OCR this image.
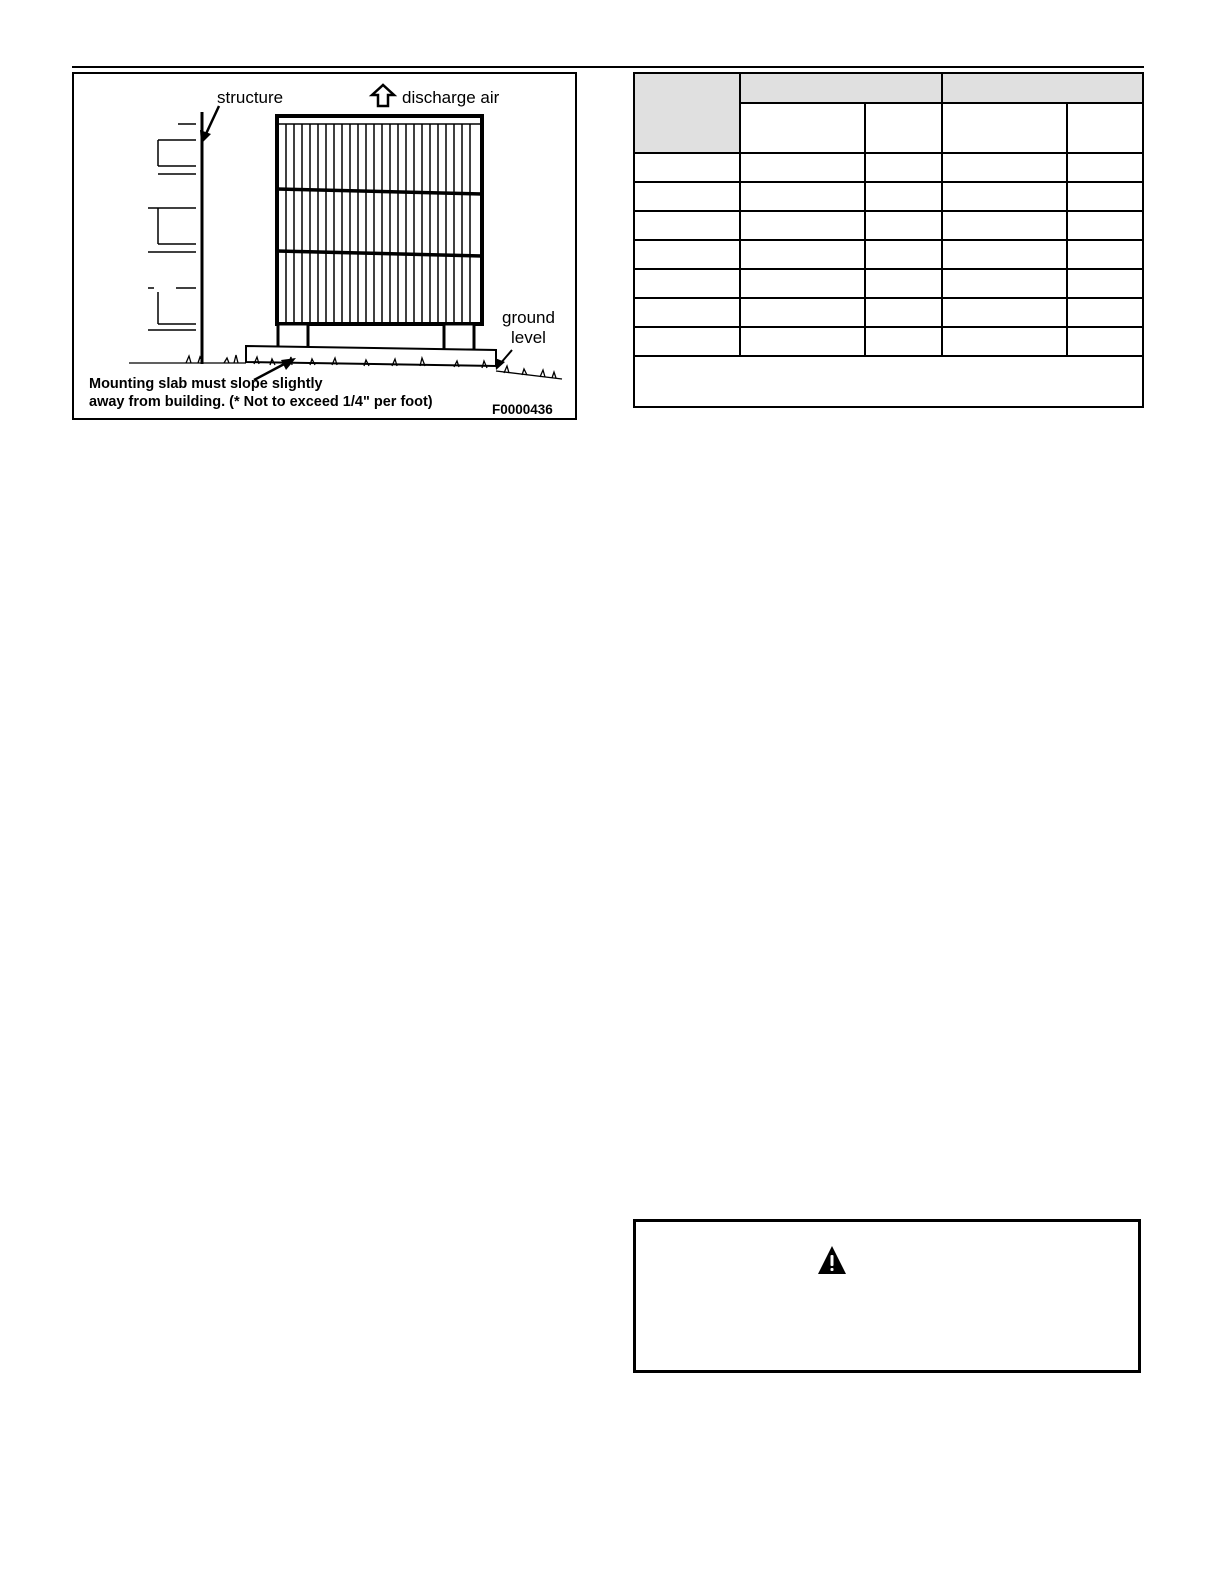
structure	discharge air
ground
level
Mounting slab must slope slightly
away from building. (* Not to exceed 1/4" per foot)	F0000436
